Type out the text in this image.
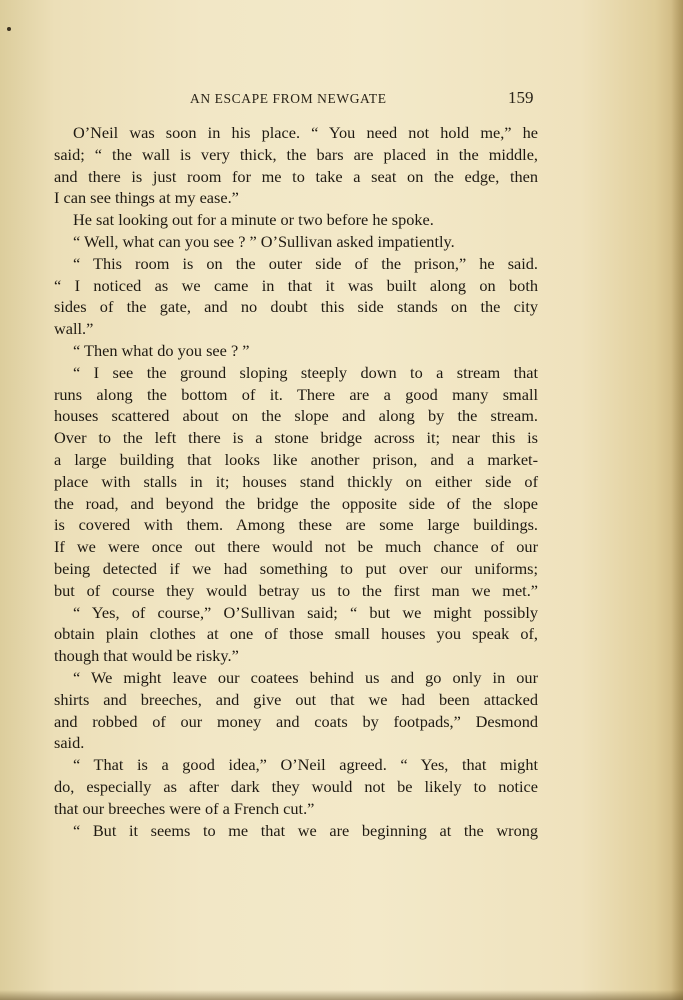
AN ESCAPE FROM NEWGATE	159
O’Neil was soon in his place. “ You need not hold me,” he
said; “ the wall is very thick, the bars are placed in the middle,
and there is just room for me to take a seat on the edge, then
I can see things at my ease.”
He sat looking out for a minute or two before he spoke.
“ Well, what can you see ? ” O’Sullivan asked impatiently.
“ This room is on the outer side of the prison,” he said.
“ I noticed as we came in that it was built along on both
sides of the gate, and no doubt this side stands on the city
wall.”
“ Then what do you see ? ”
“ I see the ground sloping steeply down to a stream that
runs along the bottom of it. There are a good many small
houses scattered about on the slope and along by the stream.
Over to the left there is a stone bridge across it; near this is
a large building that looks like another prison, and a market-
place with stalls in it; houses stand thickly on either side of
the road, and beyond the bridge the opposite side of the slope
is covered with them. Among these are some large buildings.
If we were once out there would not be much chance of our
being detected if we had something to put over our uniforms;
but of course they would betray us to the first man we met.”
“ Yes, of course,” O’Sullivan said; “ but we might possibly
obtain plain clothes at one of those small houses you speak of,
though that would be risky.”
“ We might leave our coatees behind us and go only in our
shirts and breeches, and give out that we had been attacked
and robbed of our money and coats by footpads,” Desmond
said.
“ That is a good idea,” O’Neil agreed. “ Yes, that might
do, especially as after dark they would not be likely to notice
that our breeches were of a French cut.”
“ But it seems to me that we are beginning at the wrong
